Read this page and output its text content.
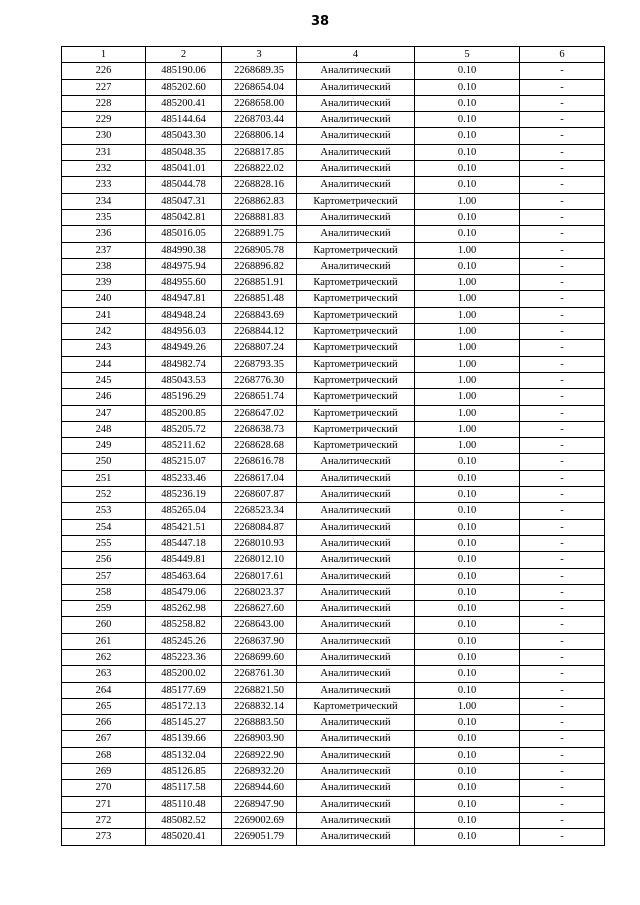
38
1	2	3	4	5	6
226	485190.06	2268689.35	Аналитический	0.10	-
227	485202.60	2268654.04	Аналитический	0.10	-
228	485200.41	2268658.00	Аналитический	0.10	-
229	485144.64	2268703.44	Аналитический	0.10	-
230	485043.30	2268806.14	Аналитический	0.10	-
231	485048.35	2268817.85	Аналитический	0.10	-
232	485041.01	2268822.02	Аналитический	0.10	-
233	485044.78	2268828.16	Аналитический	0.10	-
234	485047.31	2268862.83	Картометрический	1.00	-
235	485042.81	2268881.83	Аналитический	0.10	-
236	485016.05	2268891.75	Аналитический	0.10	-
237	484990.38	2268905.78	Картометрический	1.00	-
238	484975.94	2268896.82	Аналитический	0.10	-
239	484955.60	2268851.91	Картометрический	1.00	-
240	484947.81	2268851.48	Картометрический	1.00	-
241	484948.24	2268843.69	Картометрический	1.00	-
242	484956.03	2268844.12	Картометрический	1.00	-
243	484949.26	2268807.24	Картометрический	1.00	-
244	484982.74	2268793.35	Картометрический	1.00	-
245	485043.53	2268776.30	Картометрический	1.00	-
246	485196.29	2268651.74	Картометрический	1.00	-
247	485200.85	2268647.02	Картометрический	1.00	-
248	485205.72	2268638.73	Картометрический	1.00	-
249	485211.62	2268628.68	Картометрический	1.00	-
250	485215.07	2268616.78	Аналитический	0.10	-
251	485233.46	2268617.04	Аналитический	0.10	-
252	485236.19	2268607.87	Аналитический	0.10	-
253	485265.04	2268523.34	Аналитический	0.10	-
254	485421.51	2268084.87	Аналитический	0.10	-
255	485447.18	2268010.93	Аналитический	0.10	-
256	485449.81	2268012.10	Аналитический	0.10	-
257	485463.64	2268017.61	Аналитический	0.10	-
258	485479.06	2268023.37	Аналитический	0.10	-
259	485262.98	2268627.60	Аналитический	0.10	-
260	485258.82	2268643.00	Аналитический	0.10	-
261	485245.26	2268637.90	Аналитический	0.10	-
262	485223.36	2268699.60	Аналитический	0.10	-
263	485200.02	2268761.30	Аналитический	0.10	-
264	485177.69	2268821.50	Аналитический	0.10	-
265	485172.13	2268832.14	Картометрический	1.00	-
266	485145.27	2268883.50	Аналитический	0.10	-
267	485139.66	2268903.90	Аналитический	0.10	-
268	485132.04	2268922.90	Аналитический	0.10	-
269	485126.85	2268932.20	Аналитический	0.10	-
270	485117.58	2268944.60	Аналитический	0.10	-
271	485110.48	2268947.90	Аналитический	0.10	-
272	485082.52	2269002.69	Аналитический	0.10	-
273	485020.41	2269051.79	Аналитический	0.10	-
